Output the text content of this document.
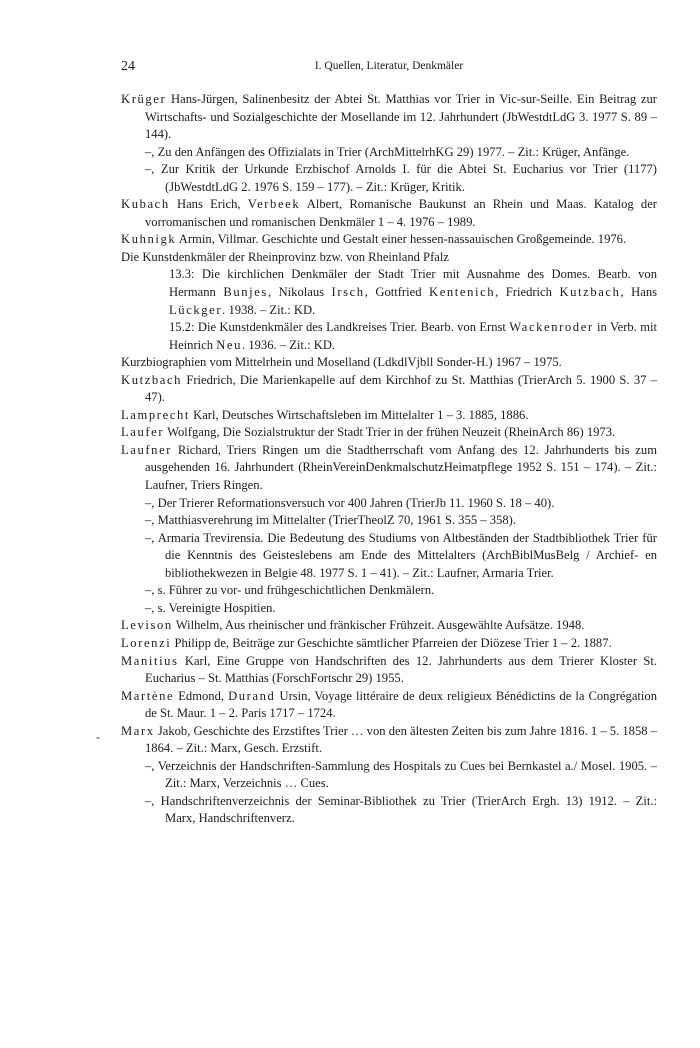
24	I. Quellen, Literatur, Denkmäler
-
Krüger Hans-Jürgen, Salinenbesitz der Abtei St. Matthias vor Trier in Vic-sur-Seille. Ein Beitrag zur Wirtschafts- und Sozialgeschichte der Mosellande im 12. Jahrhundert (JbWestdtLdG 3. 1977 S. 89 – 144).
–, Zu den Anfängen des Offizialats in Trier (ArchMittelrhKG 29) 1977. – Zit.: Krüger, Anfänge.
–, Zur Kritik der Urkunde Erzbischof Arnolds I. für die Abtei St. Eucharius vor Trier (1177) (JbWestdtLdG 2. 1976 S. 159 – 177). – Zit.: Krüger, Kritik.
Kubach Hans Erich, Verbeek Albert, Romanische Baukunst an Rhein und Maas. Katalog der vorromanischen und romanischen Denkmäler 1 – 4. 1976 – 1989.
Kuhnigk Armin, Villmar. Geschichte und Gestalt einer hessen-nassauischen Großgemeinde. 1976.
Die Kunstdenkmäler der Rheinprovinz bzw. von Rheinland Pfalz
13.3: Die kirchlichen Denkmäler der Stadt Trier mit Ausnahme des Domes. Bearb. von Hermann Bunjes, Nikolaus Irsch, Gottfried Kentenich, Friedrich Kutzbach, Hans Lückger. 1938. – Zit.: KD.
15.2: Die Kunstdenkmäler des Landkreises Trier. Bearb. von Ernst Wackenroder in Verb. mit Heinrich Neu. 1936. – Zit.: KD.
Kurzbiographien vom Mittelrhein und Moselland (LdkdlVjbll Sonder-H.) 1967 – 1975.
Kutzbach Friedrich, Die Marienkapelle auf dem Kirchhof zu St. Matthias (TrierArch 5. 1900 S. 37 – 47).
Lamprecht Karl, Deutsches Wirtschaftsleben im Mittelalter 1 – 3. 1885, 1886.
Laufer Wolfgang, Die Sozialstruktur der Stadt Trier in der frühen Neuzeit (RheinArch 86) 1973.
Laufner Richard, Triers Ringen um die Stadtherrschaft vom Anfang des 12. Jahrhunderts bis zum ausgehenden 16. Jahrhundert (RheinVereinDenkmalschutzHeimatpflege 1952 S. 151 – 174). – Zit.: Laufner, Triers Ringen.
–, Der Trierer Reformationsversuch vor 400 Jahren (TrierJb 11. 1960 S. 18 – 40).
–, Matthiasverehrung im Mittelalter (TrierTheolZ 70, 1961 S. 355 – 358).
–, Armaria Trevirensia. Die Bedeutung des Studiums von Altbeständen der Stadtbibliothek Trier für die Kenntnis des Geisteslebens am Ende des Mittelalters (ArchBiblMusBelg / Archief- en bibliothekwezen in Belgie 48. 1977 S. 1 – 41). – Zit.: Laufner, Armaria Trier.
–, s. Führer zu vor- und frühgeschichtlichen Denkmälern.
–, s. Vereinigte Hospitien.
Levison Wilhelm, Aus rheinischer und fränkischer Frühzeit. Ausgewählte Aufsätze. 1948.
Lorenzi Philipp de, Beiträge zur Geschichte sämtlicher Pfarreien der Diözese Trier 1 – 2. 1887.
Manitius Karl, Eine Gruppe von Handschriften des 12. Jahrhunderts aus dem Trierer Kloster St. Eucharius – St. Matthias (ForschFortschr 29) 1955.
Martène Edmond, Durand Ursin, Voyage littéraire de deux religieux Bénédictins de la Congrégation de St. Maur. 1 – 2. Paris 1717 – 1724.
Marx Jakob, Geschichte des Erzstiftes Trier … von den ältesten Zeiten bis zum Jahre 1816. 1 – 5. 1858 – 1864. – Zit.: Marx, Gesch. Erzstift.
–, Verzeichnis der Handschriften-Sammlung des Hospitals zu Cues bei Bernkastel a./ Mosel. 1905. – Zit.: Marx, Verzeichnis … Cues.
–, Handschriftenverzeichnis der Seminar-Bibliothek zu Trier (TrierArch Ergh. 13) 1912. – Zit.: Marx, Handschriftenverz.
